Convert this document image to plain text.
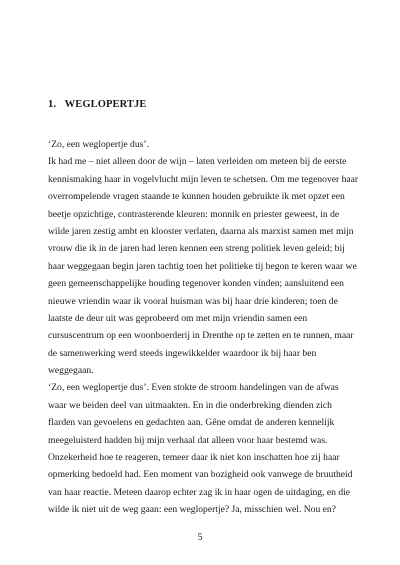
1. WEGLOPERTJE
‘Zo, een weglopertje dus’.
Ik had me – niet alleen door de wijn – laten verleiden om meteen bij de eerste
kennismaking haar in vogelvlucht mijn leven te schetsen. Om me tegenover haar
overrompelende vragen staande te kunnen houden gebruikte ik met opzet een
beetje opzichtige, contrasterende kleuren: monnik en priester geweest, in de
wilde jaren zestig ambt en klooster verlaten, daarna als marxist samen met mijn
vrouw die ik in de jaren had leren kennen een streng politiek leven geleid; bij
haar weggegaan begin jaren tachtig toen het politieke tij begon te keren waar we
geen gemeenschappelijke houding tegenover konden vinden; aansluitend een
nieuwe vriendin waar ik vooral huisman was bij haar drie kinderen; toen de
laatste de deur uit was geprobeerd om met mijn vriendin samen een
cursuscentrum op een woonboerderij in Drenthe op te zetten en te runnen, maar
de samenwerking werd steeds ingewikkelder waardoor ik bij haar ben
weggegaan.
‘Zo, een weglopertje dus’. Even stokte de stroom handelingen van de afwas
waar we beiden deel van uitmaakten. En in die onderbreking dienden zich
flarden van gevoelens en gedachten aan. Gêne omdat de anderen kennelijk
meegeluisterd hadden bij mijn verhaal dat alleen voor haar bestemd was.
Onzekerheid hoe te reageren, temeer daar ik niet kon inschatten hoe zij haar
opmerking bedoeld had. Een moment van bozigheid ook vanwege de bruutheid
van haar reactie. Meteen daarop echter zag ik in haar ogen de uitdaging, en die
wilde ik niet uit de weg gaan: een weglopertje? Ja, misschien wel. Nou en?
5
